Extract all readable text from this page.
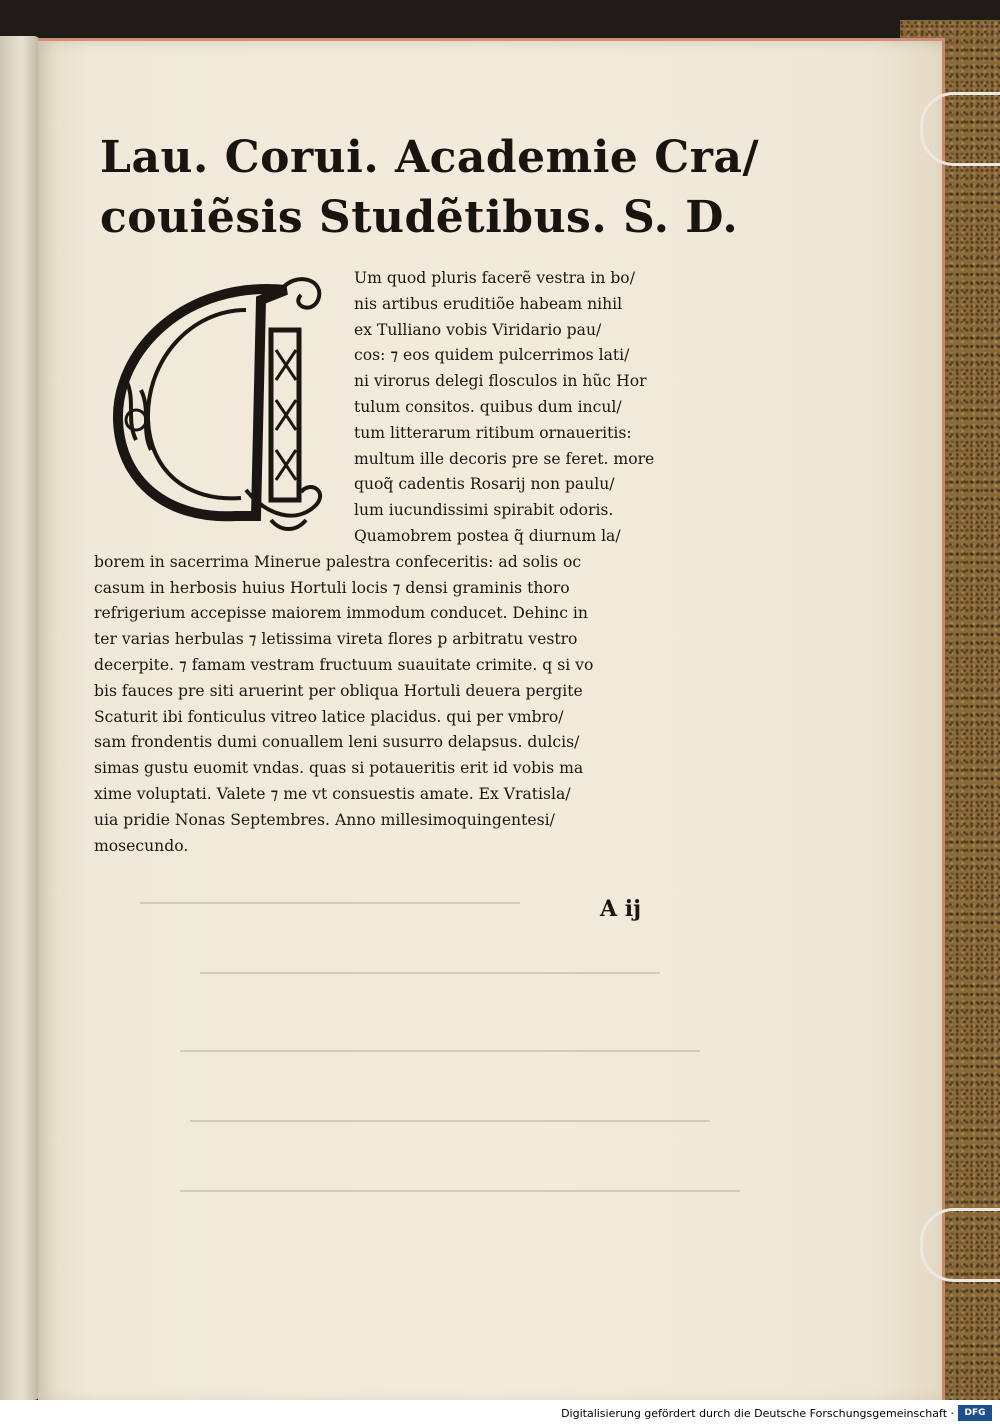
Lau. Corui. Academie Cra/
couiẽsis Studẽtibus. S. D.
Um quod pluris facerẽ vestra in bo/
nis artibus eruditiõe habeam nihil
ex Tulliano vobis Viridario pau/
cos: ⁊ eos quidem pulcerrimos lati/
ni virorus delegi flosculos in hũc Hor
tulum consitos. quibus dum incul/
tum litterarum ritibum ornaueritis:
multum ille decoris pre se feret. more
quoq̃ cadentis Rosarij non paulu/
lum iucundissimi spirabit odoris.
Quamobrem postea q̃ diurnum la/
borem in sacerrima Minerue palestra confeceritis: ad solis oc
casum in herbosis huius Hortuli locis ⁊ densi graminis thoro
refrigerium accepisse maiorem immodum conducet. Dehinc in
ter varias herbulas ⁊ letissima vireta flores p arbitratu vestro
decerpite. ⁊ famam vestram fructuum suauitate crimite. q si vo
bis fauces pre siti aruerint per obliqua Hortuli deuera pergite
Scaturit ibi fonticulus vitreo latice placidus. qui per vmbro/
sam frondentis dumi conuallem leni susurro delapsus. dulcis/
simas gustu euomit vndas. quas si potaueritis erit id vobis ma
xime voluptati. Valete ⁊ me vt consuestis amate. Ex Vratisla/
uia pridie Nonas Septembres. Anno millesimoquingentesi/
mosecundo.
A ij
Digitalisierung gefördert durch die Deutsche Forschungsgemeinschaft ·	DFG
